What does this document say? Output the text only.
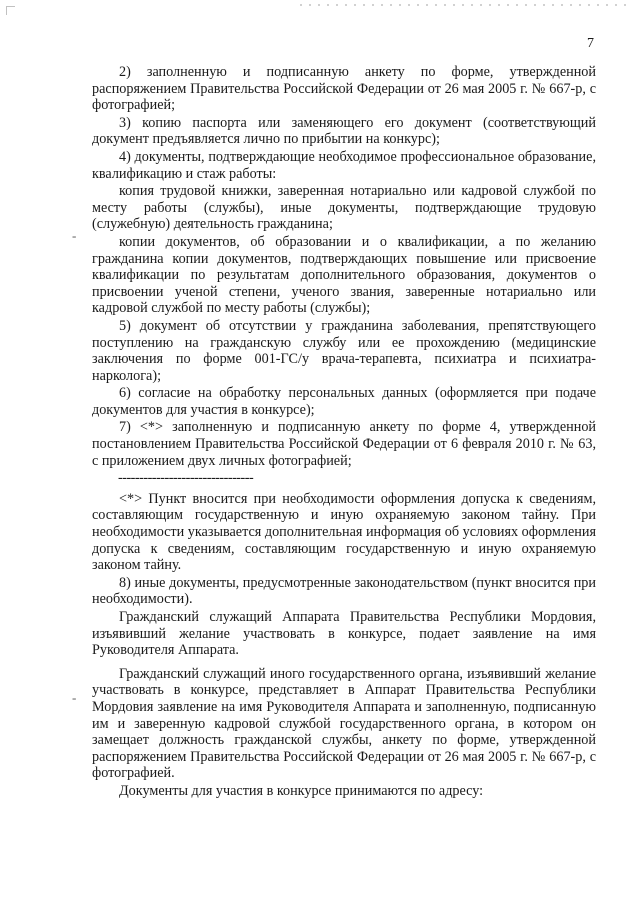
7
-
-

2) заполненную и подписанную анкету по форме, утвержденной распоряжением Правительства Российской Федерации от 26 мая 2005 г. № 667-р, с фотографией;

3) копию паспорта или заменяющего его документ (соответствующий документ предъявляется лично по прибытии на конкурс);

4) документы, подтверждающие необходимое профессиональное образование, квалификацию и стаж работы:

копия трудовой книжки, заверенная нотариально или кадровой службой по месту работы (службы), иные документы, подтверждающие трудовую (служебную) деятельность гражданина;

копии документов, об образовании и о квалификации, а по желанию гражданина копии документов, подтверждающих повышение или присвоение квалификации по результатам дополнительного образования, документов о присвоении ученой степени, ученого звания, заверенные нотариально или кадровой службой по месту работы (службы);

5) документ об отсутствии у гражданина заболевания, препятствующего поступлению на гражданскую службу или ее прохождению (медицинские заключения по форме 001-ГС/у врача-терапевта, психиатра и психиатра-нарколога);

6) согласие на обработку персональных данных (оформляется при подаче документов для участия в конкурсе);

7) <*> заполненную и подписанную анкету по форме 4, утвержденной постановлением Правительства Российской Федерации от 6 февраля 2010 г. № 63, с приложением двух личных фотографией;

--------------------------------

<*> Пункт вносится при необходимости оформления допуска к сведениям, составляющим государственную и иную охраняемую законом тайну. При необходимости указывается дополнительная информация об условиях оформления допуска к сведениям, составляющим государственную и иную охраняемую законом тайну.

8) иные документы, предусмотренные законодательством (пункт вносится при необходимости).

Гражданский служащий Аппарата Правительства Республики Мордовия, изъявивший желание участвовать в конкурсе, подает заявление на имя Руководителя Аппарата.

Гражданский служащий иного государственного органа, изъявивший желание участвовать в конкурсе, представляет в Аппарат Правительства Республики Мордовия заявление на имя Руководителя Аппарата и заполненную, подписанную им и заверенную кадровой службой государственного органа, в котором он замещает должность гражданской службы, анкету по форме, утвержденной распоряжением Правительства Российской Федерации от 26 мая 2005 г. № 667-р, с фотографией.

Документы для участия в конкурсе принимаются по адресу:
